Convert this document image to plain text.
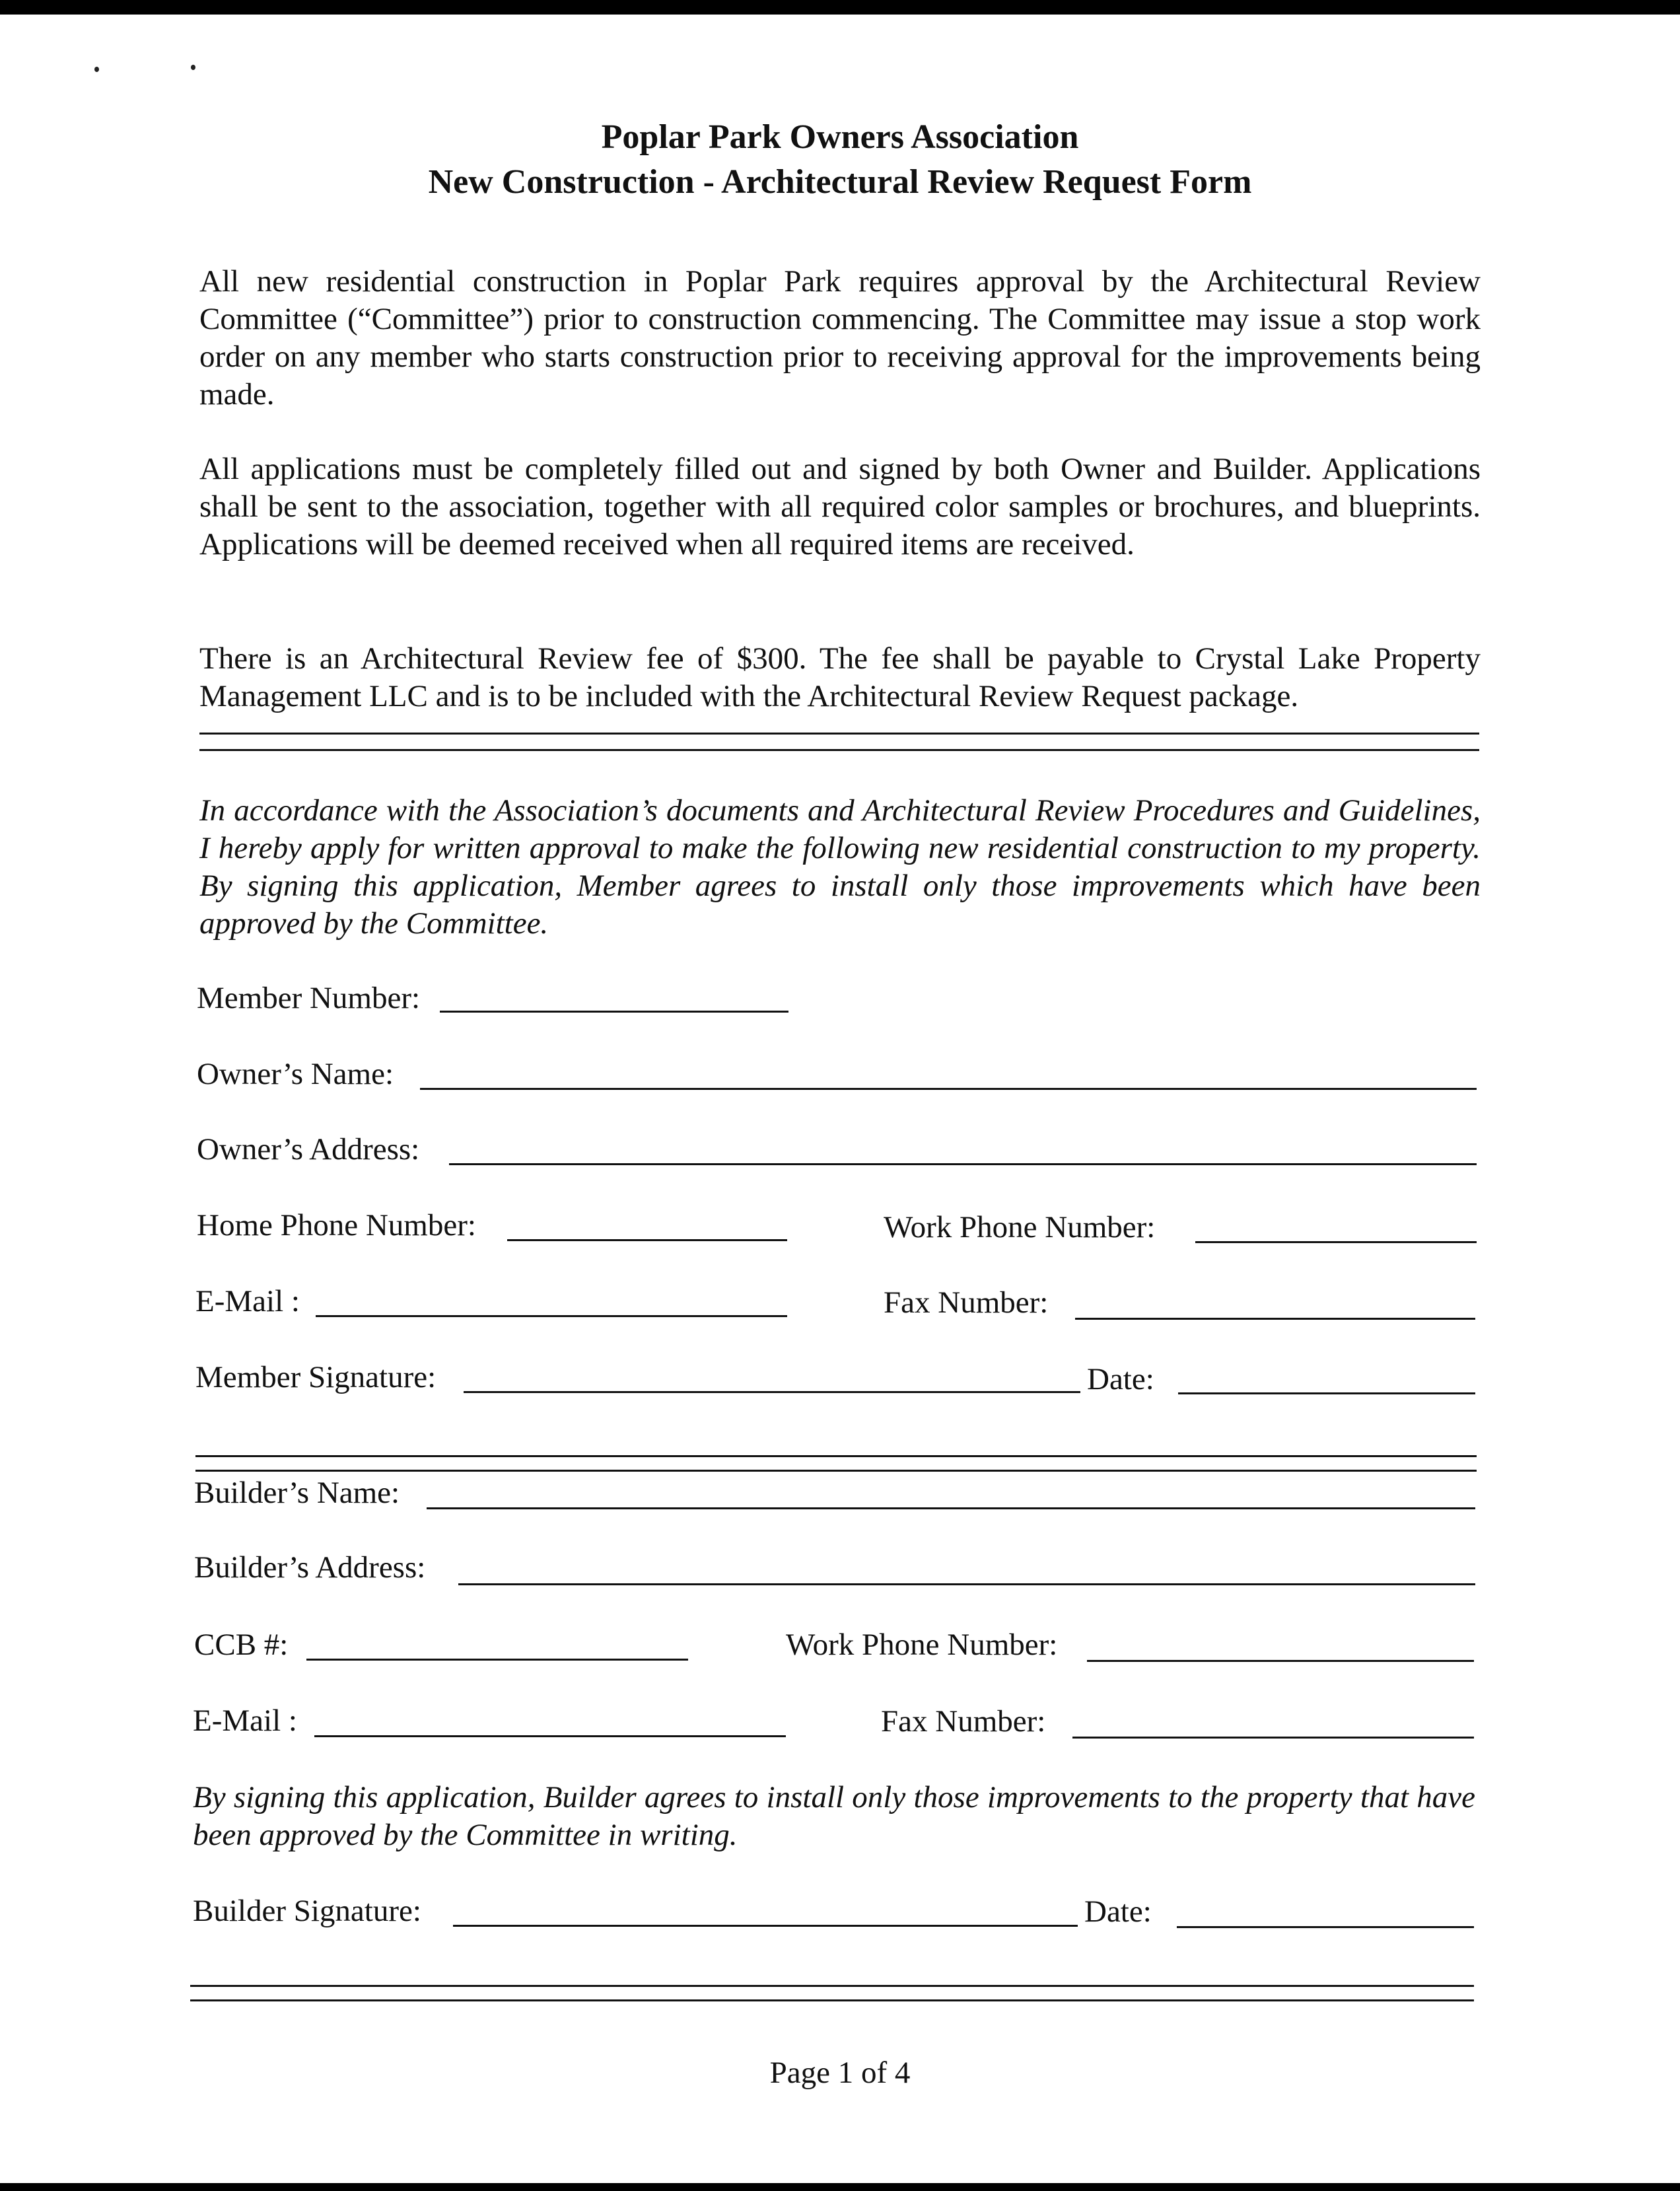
Poplar Park Owners Association
New Construction - Architectural Review Request Form

All new residential construction in Poplar Park requires approval by the Architectural Review Committee (“Committee”) prior to construction commencing. The Committee may issue a stop work order on any member who starts construction prior to receiving approval for the improvements being made.

All applications must be completely filled out and signed by both Owner and Builder. Applications shall be sent to the association, together with all required color samples or brochures, and blueprints. Applications will be deemed received when all required items are received.

There is an Architectural Review fee of $300. The fee shall be payable to Crystal Lake Property Management LLC and is to be included with the Architectural Review Request package.

In accordance with the Association’s documents and Architectural Review Procedures and Guidelines, I hereby apply for written approval to make the following new residential construction to my property. By signing this application, Member agrees to install only those improvements which have been approved by the Committee.

Member Number:
Owner’s Name:
Owner’s Address:
Home Phone Number:	Work Phone Number:
E-Mail :	Fax Number:
Member Signature:	Date:
Builder’s Name:
Builder’s Address:
CCB #:	Work Phone Number:
E-Mail :	Fax Number:

By signing this application, Builder agrees to install only those improvements to the property that have been approved by the Committee in writing.

Builder Signature:	Date:
Page 1 of 4
